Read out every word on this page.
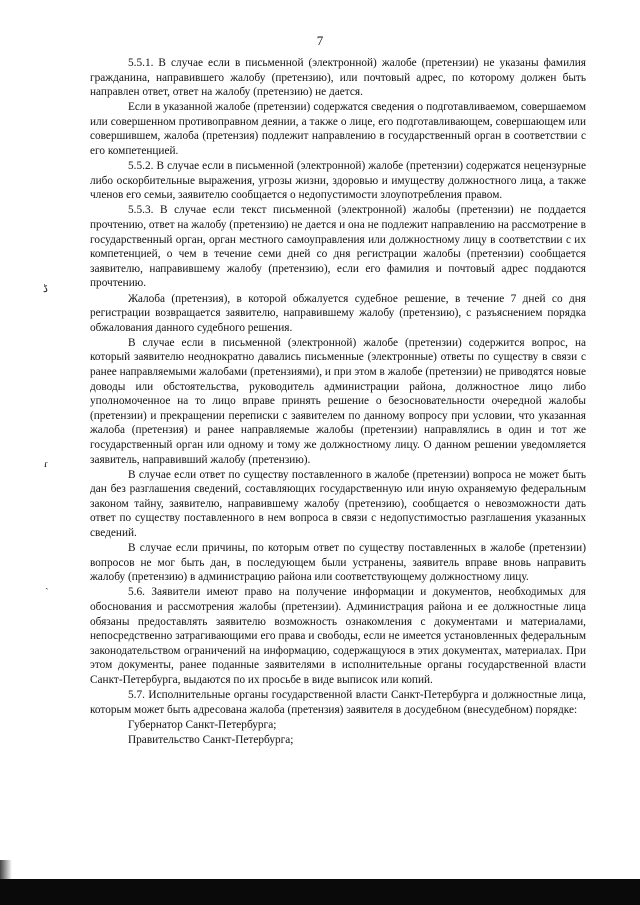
7

5.5.1. В случае если в письменной (электронной) жалобе (претензии) не указаны фамилия гражданина, направившего жалобу (претензию), или почтовый адрес, по которому должен быть направлен ответ, ответ на жалобу (претензию) не дается.

Если в указанной жалобе (претензии) содержатся сведения о подготавливаемом, совершаемом или совершенном противоправном деянии, а также о лице, его подготавливающем, совершающем или совершившем, жалоба (претензия) подлежит направлению в государственный орган в соответствии с его компетенцией.

5.5.2. В случае если в письменной (электронной) жалобе (претензии) содержатся нецензурные либо оскорбительные выражения, угрозы жизни, здоровью и имуществу должностного лица, а также членов его семьи, заявителю сообщается о недопустимости злоупотребления правом.

5.5.3. В случае если текст письменной (электронной) жалобы (претензии) не поддается прочтению, ответ на жалобу (претензию) не дается и она не подлежит направлению на рассмотрение в государственный орган, орган местного самоуправления или должностному лицу в соответствии с их компетенцией, о чем в течение семи дней со дня регистрации жалобы (претензии) сообщается заявителю, направившему жалобу (претензию), если его фамилия и почтовый адрес поддаются прочтению.

Жалоба (претензия), в которой обжалуется судебное решение, в течение 7 дней со дня регистрации возвращается заявителю, направившему жалобу (претензию), с разъяснением порядка обжалования данного судебного решения.

В случае если в письменной (электронной) жалобе (претензии) содержится вопрос, на который заявителю неоднократно давались письменные (электронные) ответы по существу в связи с ранее направляемыми жалобами (претензиями), и при этом в жалобе (претензии) не приводятся новые доводы или обстоятельства, руководитель администрации района, должностное лицо либо уполномоченное на то лицо вправе принять решение о безосновательности очередной жалобы (претензии) и прекращении переписки с заявителем по данному вопросу при условии, что указанная жалоба (претензия) и ранее направляемые жалобы (претензии) направлялись в один и тот же государственный орган или одному и тому же должностному лицу. О данном решении уведомляется заявитель, направивший жалобу (претензию).

В случае если ответ по существу поставленного в жалобе (претензии) вопроса не может быть дан без разглашения сведений, составляющих государственную или иную охраняемую федеральным законом тайну, заявителю, направившему жалобу (претензию), сообщается о невозможности дать ответ по существу поставленного в нем вопроса в связи с недопустимостью разглашения указанных сведений.

В случае если причины, по которым ответ по существу поставленных в жалобе (претензии) вопросов не мог быть дан, в последующем были устранены, заявитель вправе вновь направить жалобу (претензию) в администрацию района или соответствующему должностному лицу.

5.6. Заявители имеют право на получение информации и документов, необходимых для обоснования и рассмотрения жалобы (претензии). Администрация района и ее должностные лица обязаны предоставлять заявителю возможность ознакомления с документами и материалами, непосредственно затрагивающими его права и свободы, если не имеется установленных федеральным законодательством ограничений на информацию, содержащуюся в этих документах, материалах. При этом документы, ранее поданные заявителями в исполнительные органы государственной власти Санкт-Петербурга, выдаются по их просьбе в виде выписок или копий.

5.7. Исполнительные органы государственной власти Санкт-Петербурга и должностные лица, которым может быть адресована жалоба (претензия) заявителя в досудебном (внесудебном) порядке:

Губернатор Санкт-Петербурга;

Правительство Санкт-Петербурга;

ڈ
ɾ
ˎ
